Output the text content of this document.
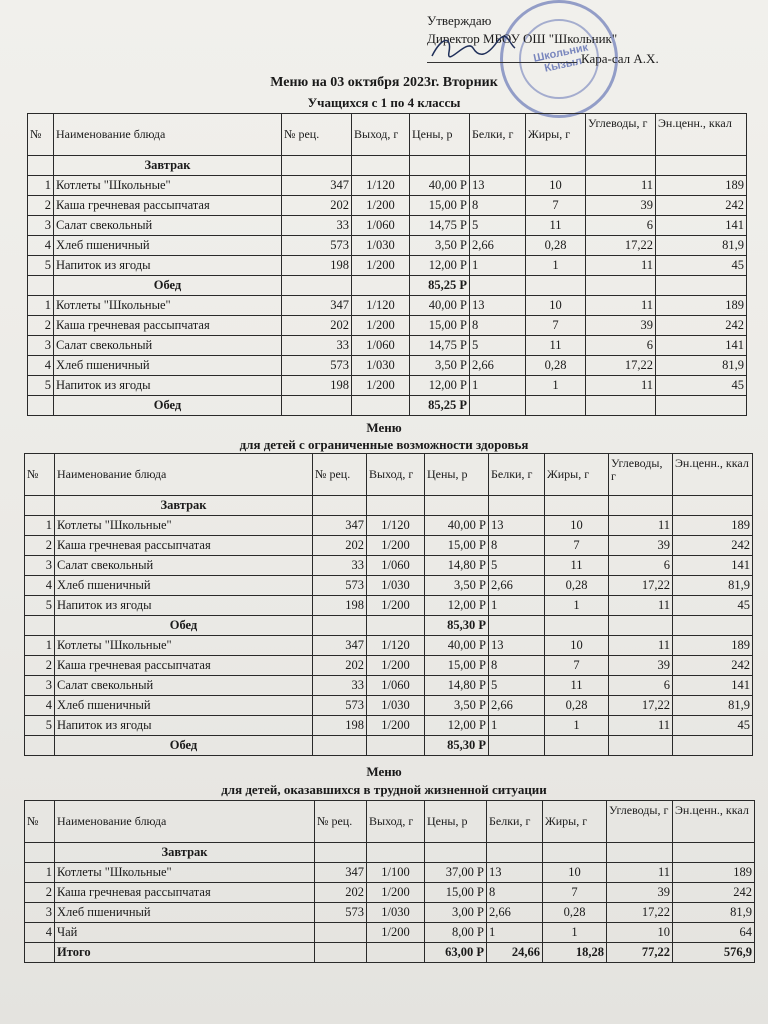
Школьник Кызыл
Утверждаю
Директор МБОУ ОШ "Школьник"
Кара-сал А.Х.
Меню на 03 октября 2023г. Вторник
Учащихся с 1 по 4 классы
№	Наименование блюда	№ рец.	Выход, г	Цены, р	Белки, г	Жиры, г	Углеводы, г	Эн.ценн., ккал
	Завтрак							
1	Котлеты "Школьные"	347	1/120	40,00 Р	13	10	11	189
2	Каша гречневая рассыпчатая	202	1/200	15,00 Р	8	7	39	242
3	Салат свекольный	33	1/060	14,75 Р	5	11	6	141
4	Хлеб пшеничный	573	1/030	3,50 Р	2,66	0,28	17,22	81,9
5	Напиток из ягоды	198	1/200	12,00 Р	1	1	11	45
	Обед			85,25 Р				
1	Котлеты "Школьные"	347	1/120	40,00 Р	13	10	11	189
2	Каша гречневая рассыпчатая	202	1/200	15,00 Р	8	7	39	242
3	Салат свекольный	33	1/060	14,75 Р	5	11	6	141
4	Хлеб пшеничный	573	1/030	3,50 Р	2,66	0,28	17,22	81,9
5	Напиток из ягоды	198	1/200	12,00 Р	1	1	11	45
	Обед			85,25 Р				
Меню
для детей с ограниченные возможности здоровья
№	Наименование блюда	№ рец.	Выход, г	Цены, р	Белки, г	Жиры, г	Углеводы, г	Эн.ценн., ккал
	Завтрак							
1	Котлеты "Школьные"	347	1/120	40,00 Р	13	10	11	189
2	Каша гречневая рассыпчатая	202	1/200	15,00 Р	8	7	39	242
3	Салат свекольный	33	1/060	14,80 Р	5	11	6	141
4	Хлеб пшеничный	573	1/030	3,50 Р	2,66	0,28	17,22	81,9
5	Напиток из ягоды	198	1/200	12,00 Р	1	1	11	45
	Обед			85,30 Р				
1	Котлеты "Школьные"	347	1/120	40,00 Р	13	10	11	189
2	Каша гречневая рассыпчатая	202	1/200	15,00 Р	8	7	39	242
3	Салат свекольный	33	1/060	14,80 Р	5	11	6	141
4	Хлеб пшеничный	573	1/030	3,50 Р	2,66	0,28	17,22	81,9
5	Напиток из ягоды	198	1/200	12,00 Р	1	1	11	45
	Обед			85,30 Р				
Меню
для детей, оказавшихся в трудной жизненной ситуации
№	Наименование блюда	№ рец.	Выход, г	Цены, р	Белки, г	Жиры, г	Углеводы, г	Эн.ценн., ккал
	Завтрак							
1	Котлеты "Школьные"	347	1/100	37,00 Р	13	10	11	189
2	Каша гречневая рассыпчатая	202	1/200	15,00 Р	8	7	39	242
3	Хлеб пшеничный	573	1/030	3,00 Р	2,66	0,28	17,22	81,9
4	Чай		1/200	8,00 Р	1	1	10	64
	Итого			63,00 Р	24,66	18,28	77,22	576,9
